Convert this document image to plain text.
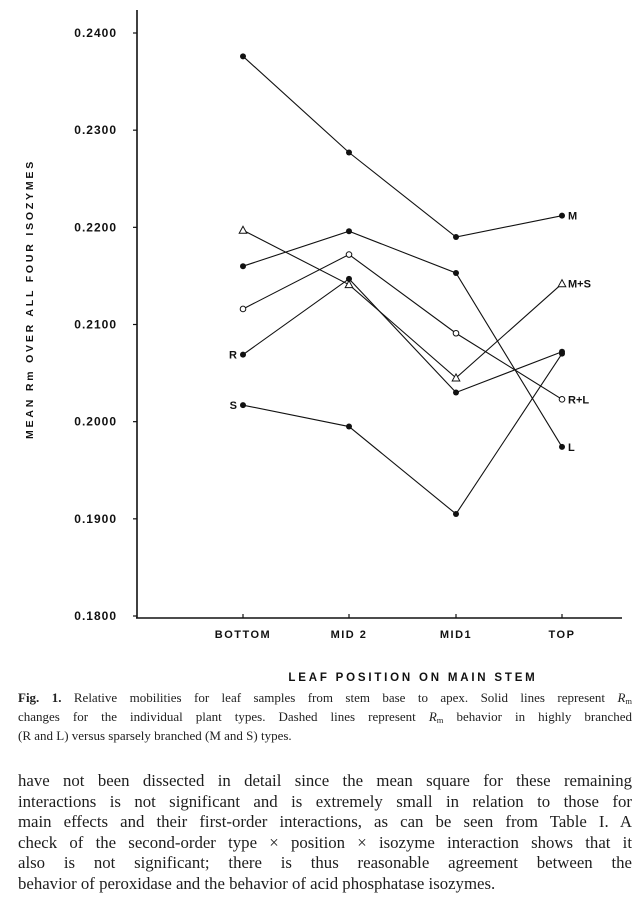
0.1800
0.1900
0.2000
0.2100
0.2200
0.2300
0.2400
BOTTOM	MID 2	MID1	TOP
M
M+S
L
R+L
R
S
LEAF POSITION ON MAIN STEM
MEAN Rm OVER ALL FOUR ISOZYMES
Fig. 1. Relative mobilities for leaf samples from stem base to apex. Solid lines represent $R_m$
changes for the individual plant types. Dashed lines represent $R_m$ behavior in highly branched
(R and L) versus sparsely branched (M and S) types.
have not been dissected in detail since the mean square for these remaining
interactions is not significant and is extremely small in relation to those for
main effects and their first-order interactions, as can be seen from Table I. A
check of the second-order type × position × isozyme interaction shows that it
also is not significant; there is thus reasonable agreement between the
behavior of peroxidase and the behavior of acid phosphatase isozymes.
